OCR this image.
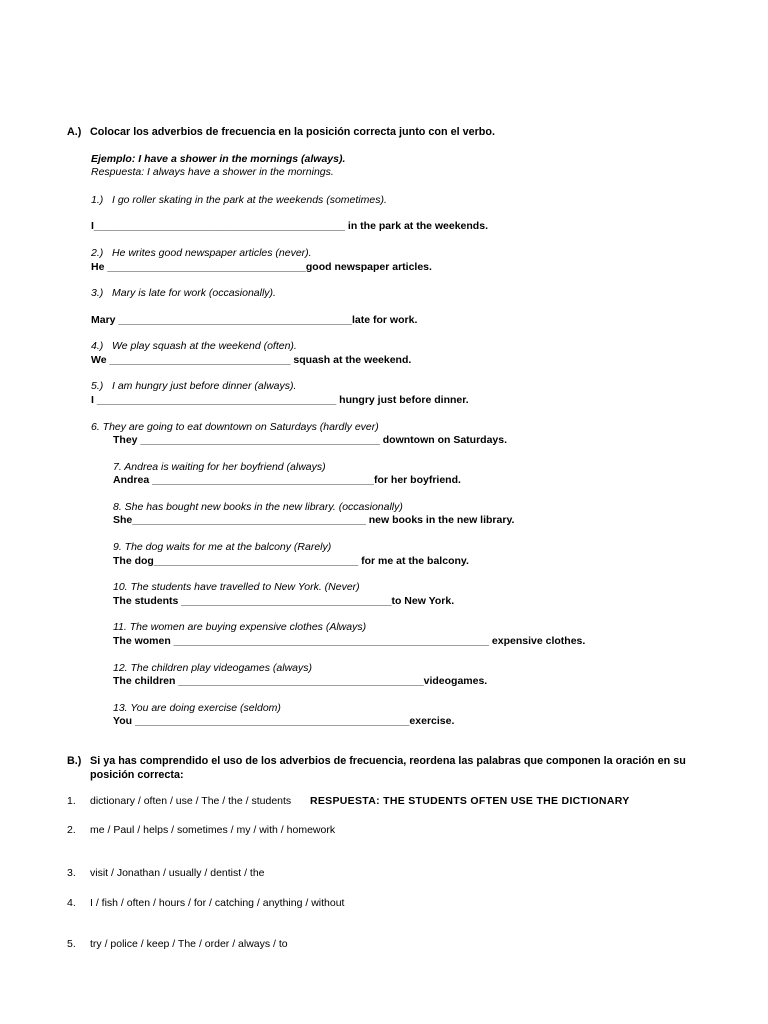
A.) Colocar los adverbios de frecuencia en la posición correcta junto con el verbo.
Ejemplo: I have a shower in the mornings (always).
Respuesta: I always have a shower in the mornings.
1.)   I go roller skating in the park at the weekends (sometimes).
I___________________________________________ in the park at the weekends.
2.)   He writes good newspaper articles (never).
He __________________________________good newspaper articles.
3.)   Mary is late for work (occasionally).
Mary ________________________________________late for work.
4.)   We play squash at the weekend (often).
We _______________________________ squash at the weekend.
5.)   I am hungry just before dinner (always).
I _________________________________________ hungry just before dinner.
6. They are going to eat downtown on Saturdays (hardly ever)
They _________________________________________ downtown on Saturdays.
7. Andrea is waiting for her boyfriend (always)
Andrea ______________________________________for her boyfriend.
8. She has bought new books in the new library. (occasionally)
She________________________________________ new books in the new library.
9. The dog waits for me at the balcony (Rarely)
The dog___________________________________ for me at the balcony.
10. The students have travelled to New York. (Never)
The students ____________________________________to New York.
11. The women are buying expensive clothes (Always)
The women ______________________________________________________ expensive clothes.
12. The children play videogames (always)
The children __________________________________________videogames.
13. You are doing exercise (seldom)
You _______________________________________________exercise.
B.) Si ya has comprendido el uso de los adverbios de frecuencia, reordena las palabras que componen la oración en su
posición correcta:
1. dictionary / often / use / The / the / students RESPUESTA: THE STUDENTS OFTEN USE THE DICTIONARY
2. me / Paul / helps / sometimes / my / with / homework
3. visit / Jonathan / usually / dentist / the
4. I / fish / often / hours / for / catching / anything / without
5. try / police / keep / The / order / always / to
